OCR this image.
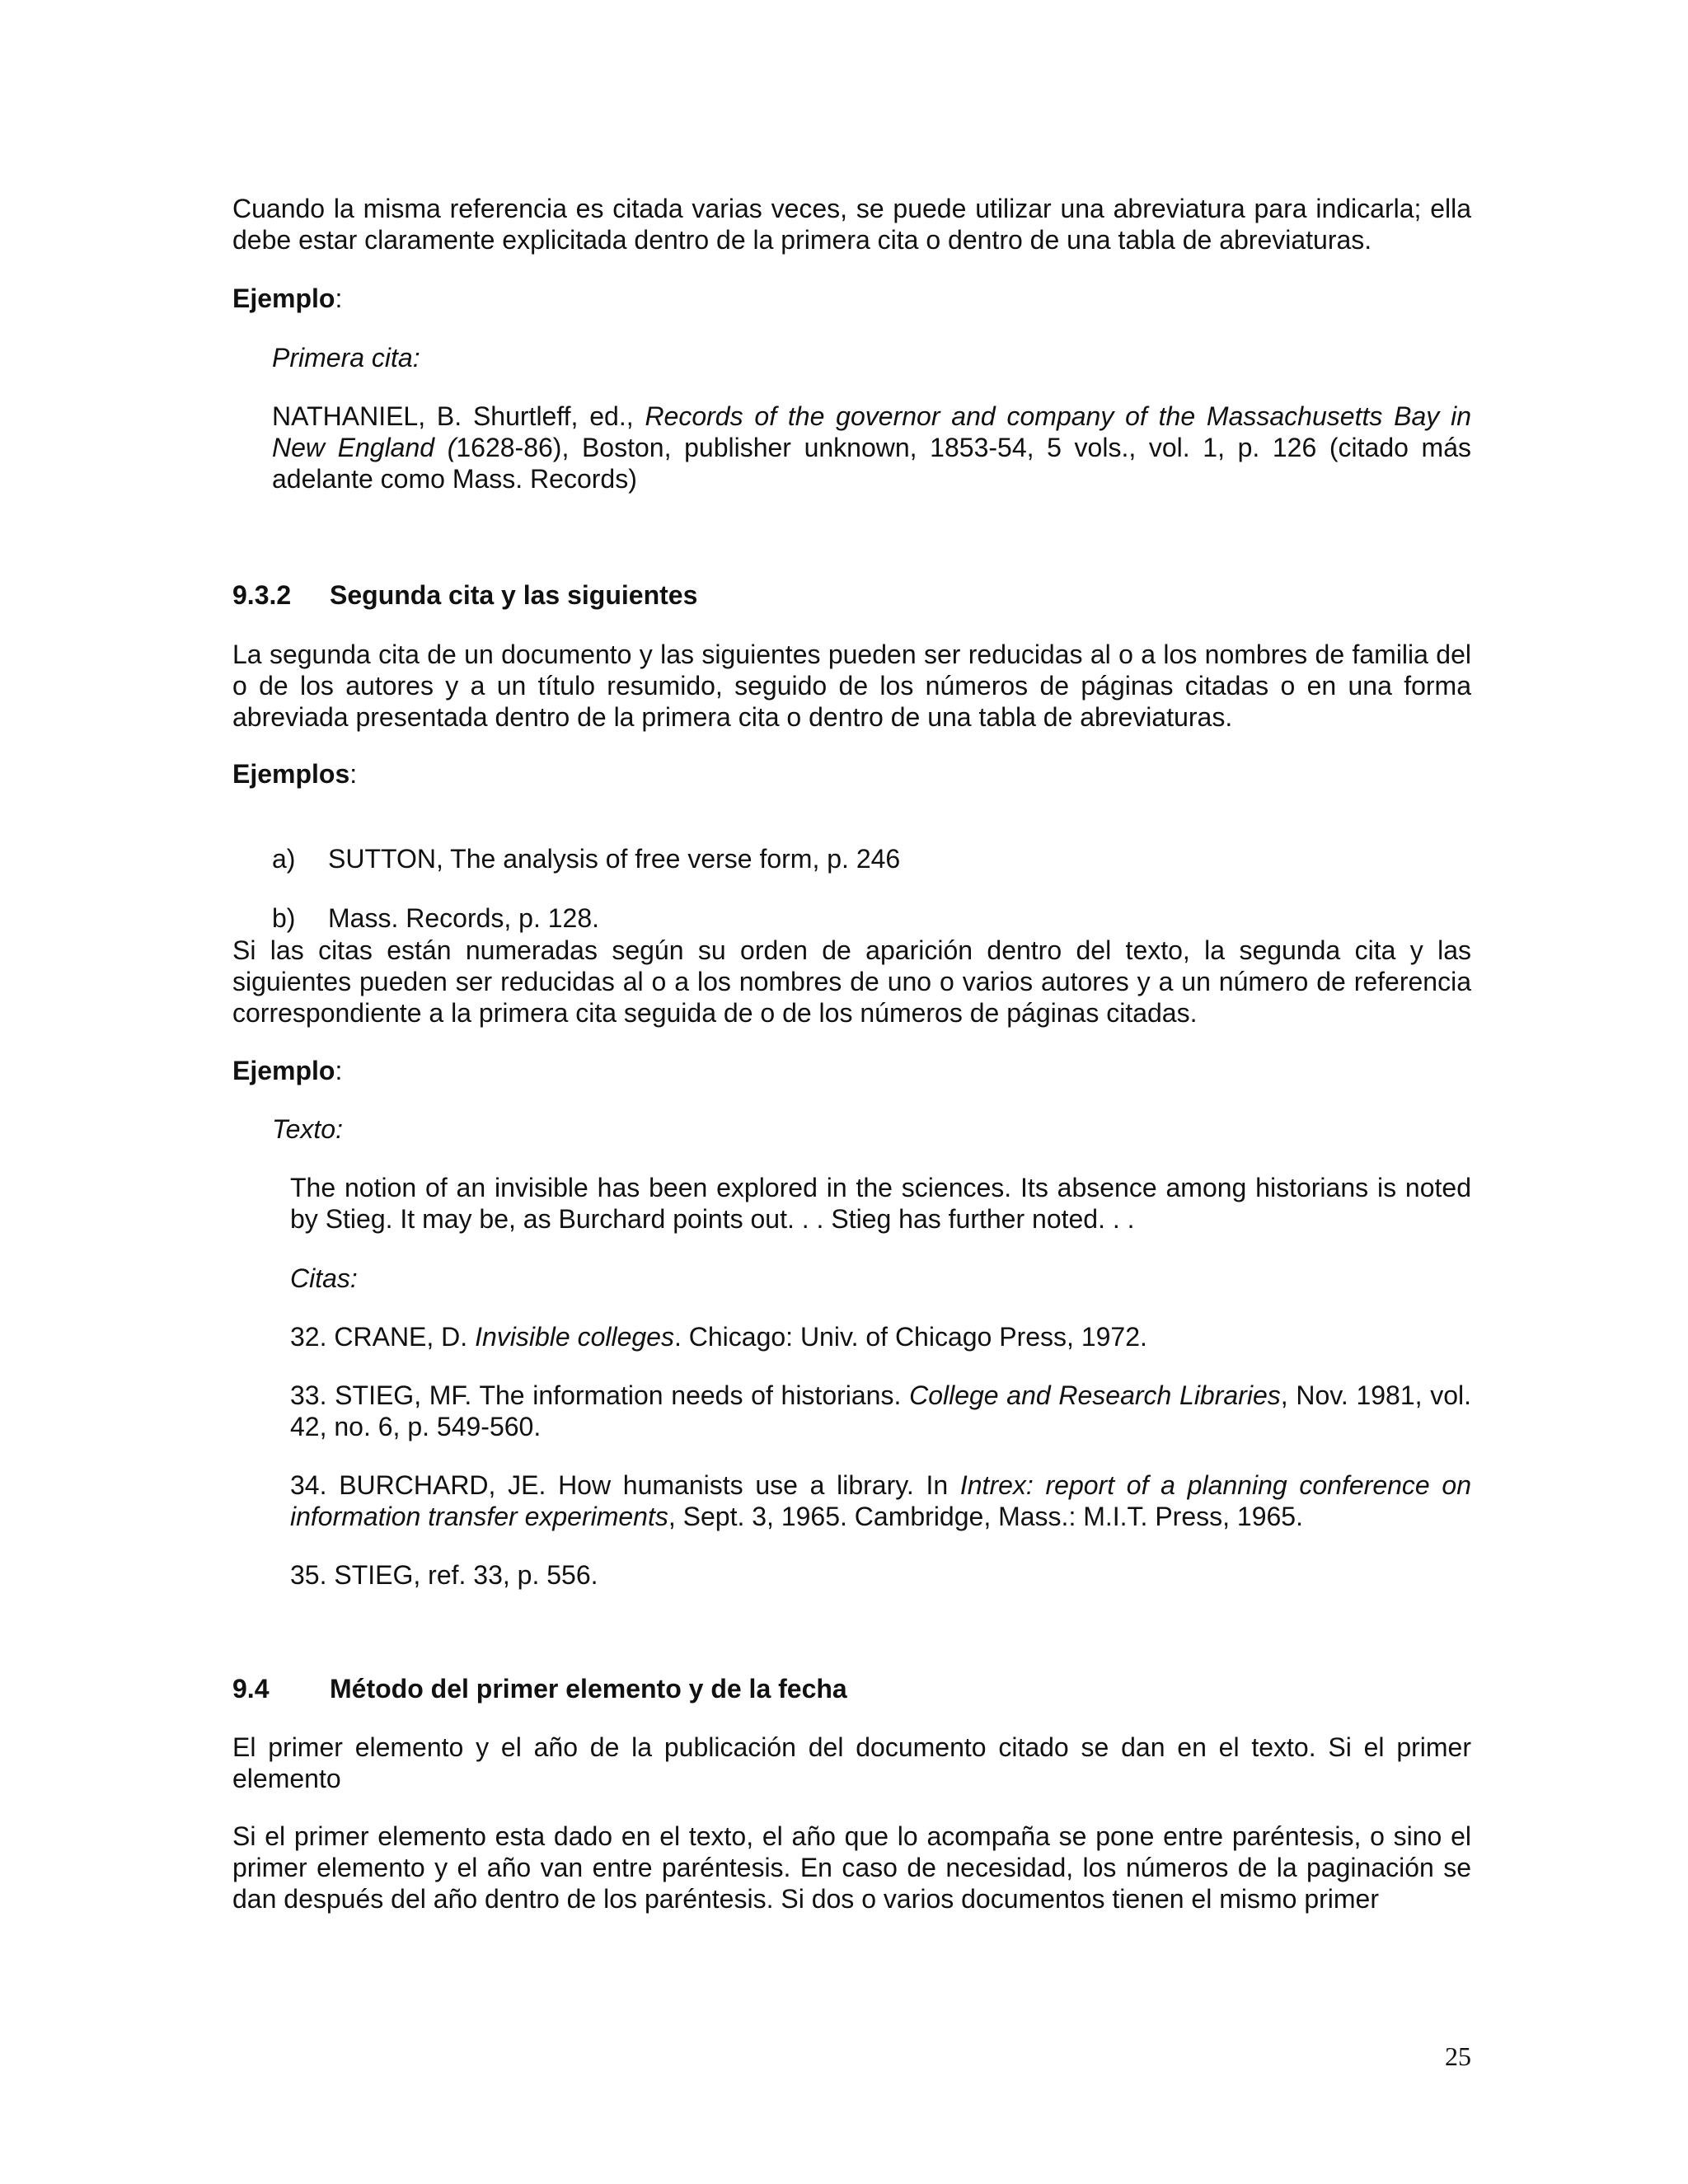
Cuando la misma referencia es citada varias veces, se puede utilizar una abreviatura para indicarla; ella debe estar claramente explicitada dentro de la primera cita o dentro de una tabla de abreviaturas.

Ejemplo:

Primera cita:

NATHANIEL, B. Shurtleff, ed., Records of the governor and company of the Massachusetts Bay in New England (1628-86), Boston, publisher unknown, 1853-54, 5 vols., vol. 1, p. 126 (citado más adelante como Mass. Records)

9.3.2 Segunda cita y las siguientes

La segunda cita de un documento y las siguientes pueden ser reducidas al o a los nombres de familia del o de los autores y a un título resumido, seguido de los números de páginas citadas o en una forma abreviada presentada dentro de la primera cita o dentro de una tabla de abreviaturas.

Ejemplos:

a) SUTTON, The analysis of free verse form, p. 246

b) Mass. Records, p. 128.

Si las citas están numeradas según su orden de aparición dentro del texto, la segunda cita y las siguientes pueden ser reducidas al o a los nombres de uno o varios autores y a un número de referencia correspondiente a la primera cita seguida de o de los números de páginas citadas.

Ejemplo:

Texto:

The notion of an invisible has been explored in the sciences. Its absence among historians is noted by Stieg. It may be, as Burchard points out. . . Stieg has further noted. . .

Citas:

32. CRANE, D. Invisible colleges. Chicago: Univ. of Chicago Press, 1972.

33. STIEG, MF. The information needs of historians. College and Research Libraries, Nov. 1981, vol. 42, no. 6, p. 549-560.

34. BURCHARD, JE. How humanists use a library. In Intrex: report of a planning conference on information transfer experiments, Sept. 3, 1965. Cambridge, Mass.: M.I.T. Press, 1965.

35. STIEG, ref. 33, p. 556.

9.4 Método del primer elemento y de la fecha

El primer elemento y el año de la publicación del documento citado se dan en el texto. Si el primer elemento

Si el primer elemento esta dado en el texto, el año que lo acompaña se pone entre paréntesis, o sino el primer elemento y el año van entre paréntesis. En caso de necesidad, los números de la paginación se dan después del año dentro de los paréntesis. Si dos o varios documentos tienen el mismo primer

25
